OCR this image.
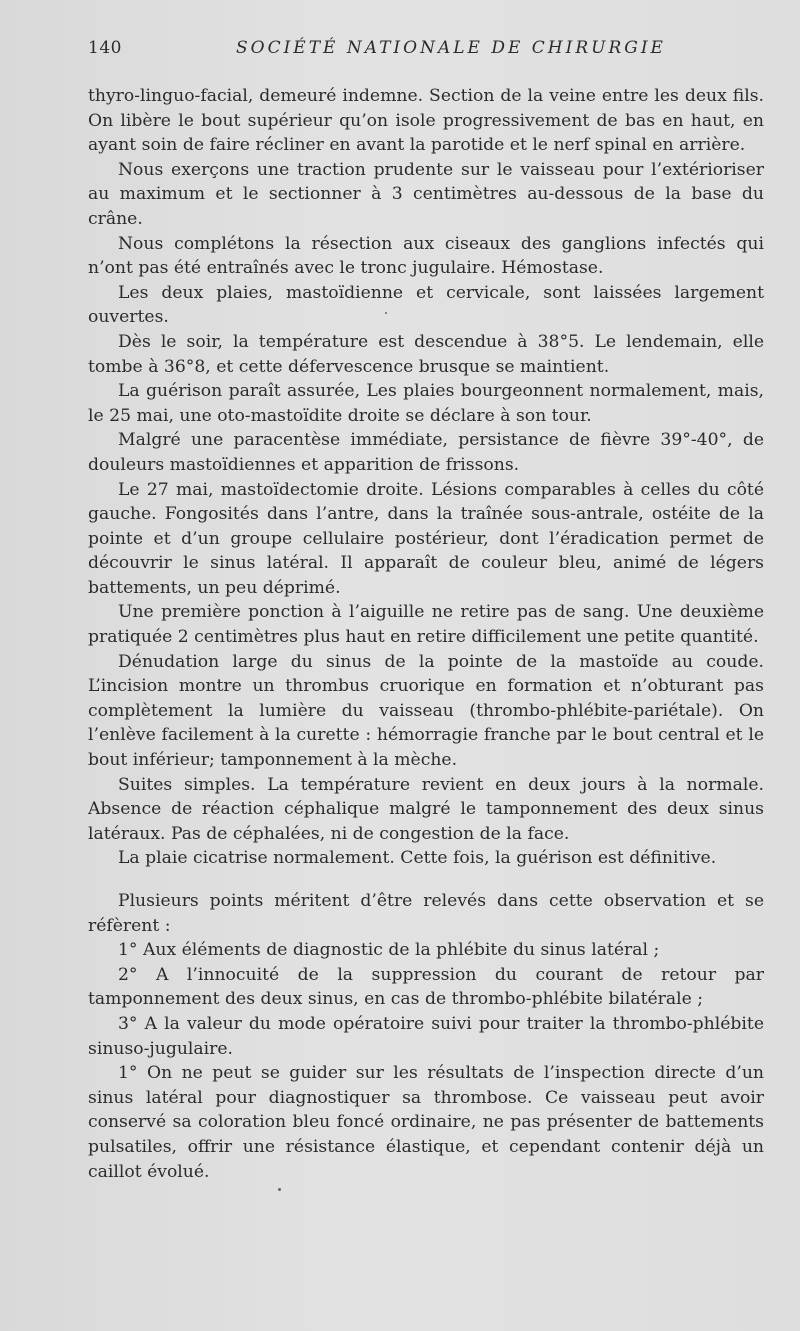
140	SOCIÉTÉ NATIONALE DE CHIRURGIE

thyro-linguo-facial, demeuré indemne. Section de la veine entre les deux fils. On libère le bout supérieur qu’on isole progressivement de bas en haut, en ayant soin de faire récliner en avant la parotide et le nerf spinal en arrière.

Nous exerçons une traction prudente sur le vaisseau pour l’extérioriser au maximum et le sectionner à 3 centimètres au-dessous de la base du crâne.

Nous complétons la résection aux ciseaux des ganglions infectés qui n’ont pas été entraînés avec le tronc jugulaire. Hémostase.

Les deux plaies, mastoïdienne et cervicale, sont laissées largement ouvertes.

Dès le soir, la température est descendue à 38°5. Le lendemain, elle tombe à 36°8, et cette défervescence brusque se maintient.

La guérison paraît assurée, Les plaies bourgeonnent normalement, mais, le 25 mai, une oto-mastoïdite droite se déclare à son tour.

Malgré une paracentèse immédiate, persistance de fièvre 39°-40°, de douleurs mastoïdiennes et apparition de frissons.

Le 27 mai, mastoïdectomie droite. Lésions comparables à celles du côté gauche. Fongosités dans l’antre, dans la traînée sous-antrale, ostéite de la pointe et d’un groupe cellulaire postérieur, dont l’éradication permet de découvrir le sinus latéral. Il apparaît de couleur bleu, animé de légers battements, un peu déprimé.

Une première ponction à l’aiguille ne retire pas de sang. Une deuxième pratiquée 2 centimètres plus haut en retire difficilement une petite quantité.

Dénudation large du sinus de la pointe de la mastoïde au coude. L’incision montre un thrombus cruorique en formation et n’obturant pas complètement la lumière du vaisseau (thrombo-phlébite-pariétale). On l’enlève facilement à la curette : hémorragie franche par le bout central et le bout inférieur; tamponnement à la mèche.

Suites simples. La température revient en deux jours à la normale. Absence de réaction céphalique malgré le tamponnement des deux sinus latéraux. Pas de céphalées, ni de congestion de la face.

La plaie cicatrise normalement. Cette fois, la guérison est définitive.

Plusieurs points méritent d’être relevés dans cette observation et se réfèrent :

1° Aux éléments de diagnostic de la phlébite du sinus latéral ;

2° A l’innocuité de la suppression du courant de retour par tamponnement des deux sinus, en cas de thrombo-phlébite bilatérale ;

3° A la valeur du mode opératoire suivi pour traiter la thrombo-phlébite sinuso-jugulaire.

1° On ne peut se guider sur les résultats de l’inspection directe d’un sinus latéral pour diagnostiquer sa thrombose. Ce vaisseau peut avoir conservé sa coloration bleu foncé ordinaire, ne pas présenter de battements pulsatiles, offrir une résistance élastique, et cependant contenir déjà un caillot évolué.
